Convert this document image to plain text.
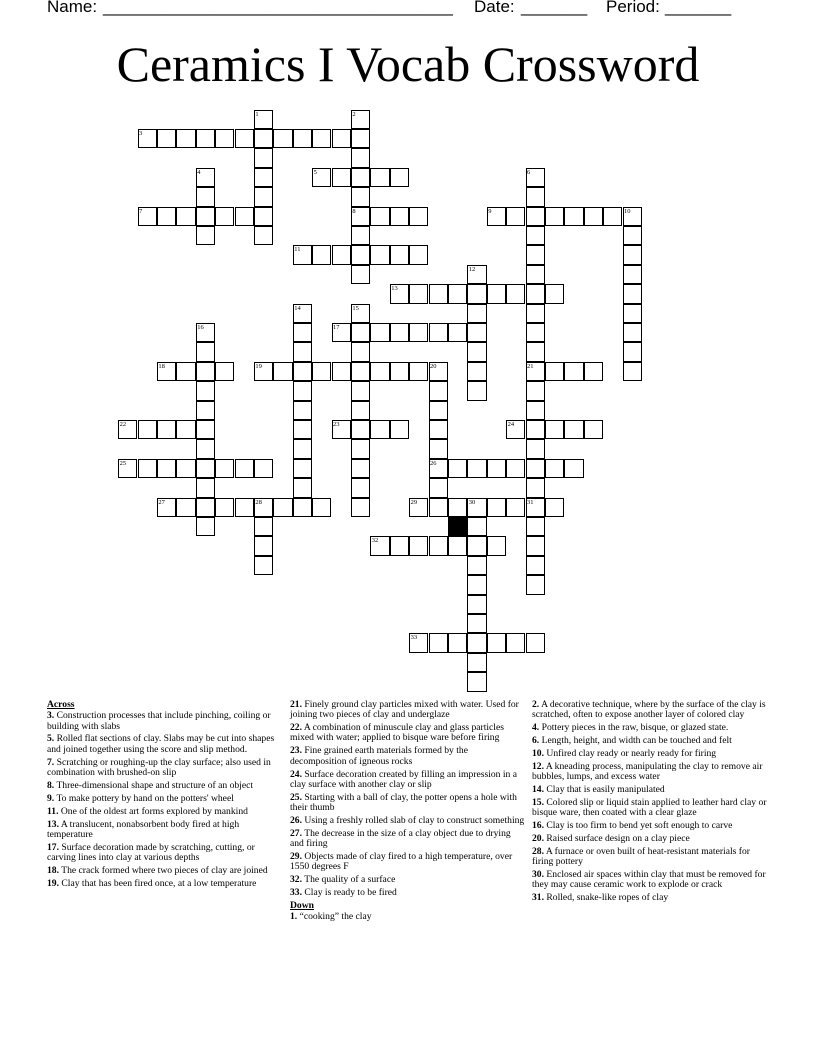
Name: _____________________________________ Date: _______ Period: _______
Ceramics I Vocab Crossword
1	2
3
4	5	6
7	8	9	10
11
12
13
14	15
16	17
18	19	20	21
22	23	24
25	26
27	28	29	30	31
32
33
Across
3. Construction processes that include pinching, coiling or building with slabs
5. Rolled flat sections of clay. Slabs may be cut into shapes and joined together using the score and slip method.
7. Scratching or roughing-up the clay surface; also used in combination with brushed-on slip
8. Three-dimensional shape and structure of an object
9. To make pottery by hand on the potters' wheel
11. One of the oldest art forms explored by mankind
13. A translucent, nonabsorbent body fired at high temperature
17. Surface decoration made by scratching, cutting, or carving lines into clay at various depths
18. The crack formed where two pieces of clay are joined
19. Clay that has been fired once, at a low temperature
21. Finely ground clay particles mixed with water. Used for joining two pieces of clay and underglaze
22. A combination of minuscule clay and glass particles mixed with water; applied to bisque ware before firing
23. Fine grained earth materials formed by the decomposition of igneous rocks
24. Surface decoration created by filling an impression in a clay surface with another clay or slip
25. Starting with a ball of clay, the potter opens a hole with their thumb
26. Using a freshly rolled slab of clay to construct something
27. The decrease in the size of a clay object due to drying and firing
29. Objects made of clay fired to a high temperature, over 1550 degrees F
32. The quality of a surface
33. Clay is ready to be fired
Down
1. “cooking” the clay
2. A decorative technique, where by the surface of the clay is scratched, often to expose another layer of colored clay
4. Pottery pieces in the raw, bisque, or glazed state.
6. Length, height, and width can be touched and felt
10. Unfired clay ready or nearly ready for firing
12. A kneading process, manipulating the clay to remove air bubbles, lumps, and excess water
14. Clay that is easily manipulated
15. Colored slip or liquid stain applied to leather hard clay or bisque ware, then coated with a clear glaze
16. Clay is too firm to bend yet soft enough to carve
20. Raised surface design on a clay piece
28. A furnace or oven built of heat-resistant materials for firing pottery
30. Enclosed air spaces within clay that must be removed for they may cause ceramic work to explode or crack
31. Rolled, snake-like ropes of clay
